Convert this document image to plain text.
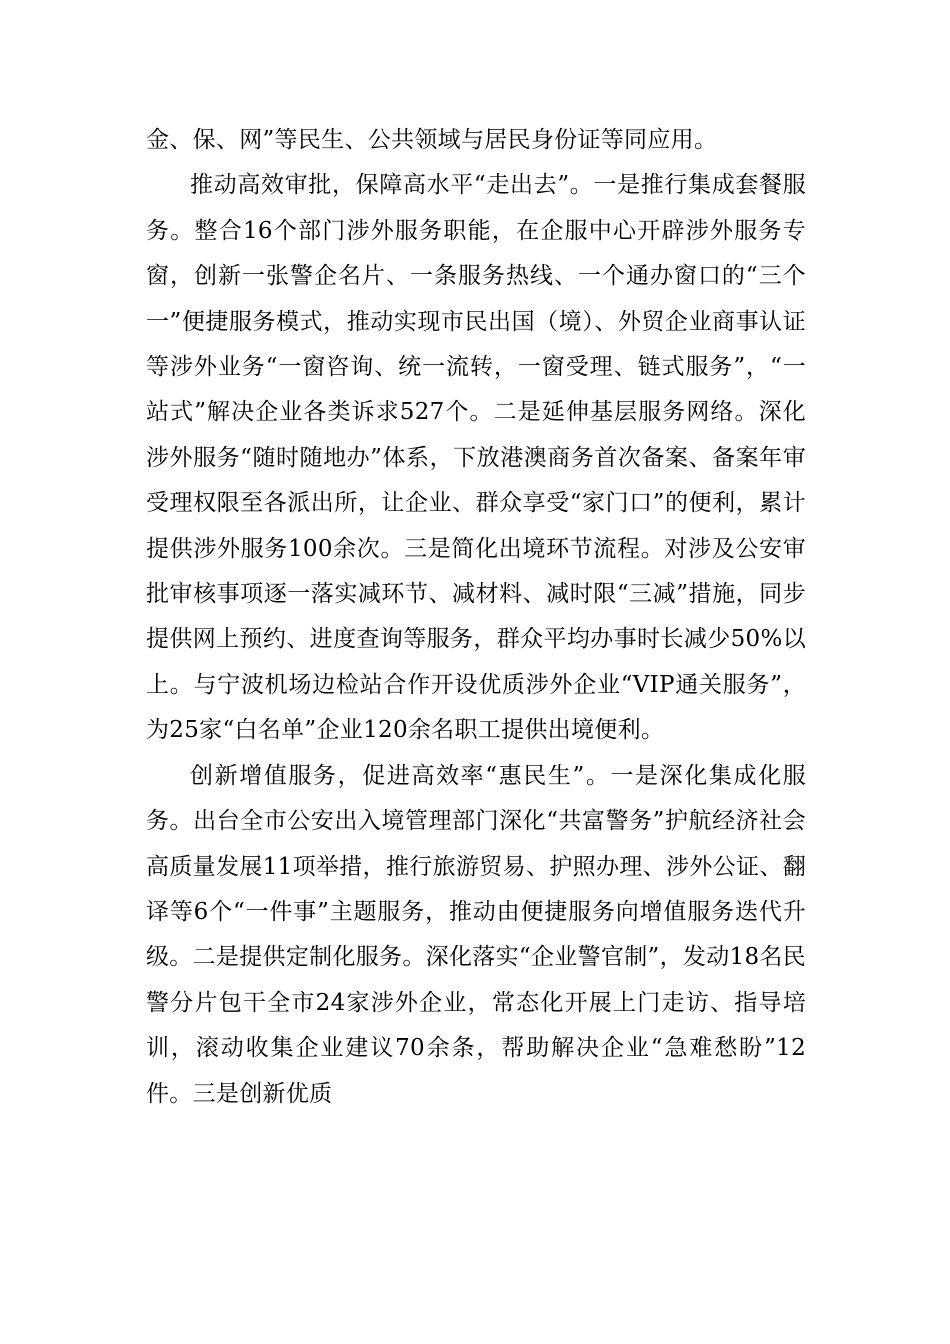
金、保、网”等民生、公共领域与居民身份证等同应用。

推动高效审批，保障高水平“走出去”。一是推行集成套餐服务。整合16个部门涉外服务职能，在企服中心开辟涉外服务专窗，创新一张警企名片、一条服务热线、一个通办窗口的“三个一”便捷服务模式，推动实现市民出国（境）、外贸企业商事认证等涉外业务“一窗咨询、统一流转，一窗受理、链式服务”，“一站式”解决企业各类诉求527个。二是延伸基层服务网络。深化涉外服务“随时随地办”体系，下放港澳商务首次备案、备案年审受理权限至各派出所，让企业、群众享受“家门口”的便利，累计提供涉外服务100余次。三是简化出境环节流程。对涉及公安审批审核事项逐一落实减环节、减材料、减时限“三减”措施，同步提供网上预约、进度查询等服务，群众平均办事时长减少50%以上。与宁波机场边检站合作开设优质涉外企业“VIP通关服务”，为25家“白名单”企业120余名职工提供出境便利。

创新增值服务，促进高效率“惠民生”。一是深化集成化服务。出台全市公安出入境管理部门深化“共富警务”护航经济社会高质量发展11项举措，推行旅游贸易、护照办理、涉外公证、翻译等6个“一件事”主题服务，推动由便捷服务向增值服务迭代升级。二是提供定制化服务。深化落实“企业警官制”，发动18名民警分片包干全市24家涉外企业，常态化开展上门走访、指导培训，滚动收集企业建议70余条，帮助解决企业“急难愁盼”12件。三是创新优质
